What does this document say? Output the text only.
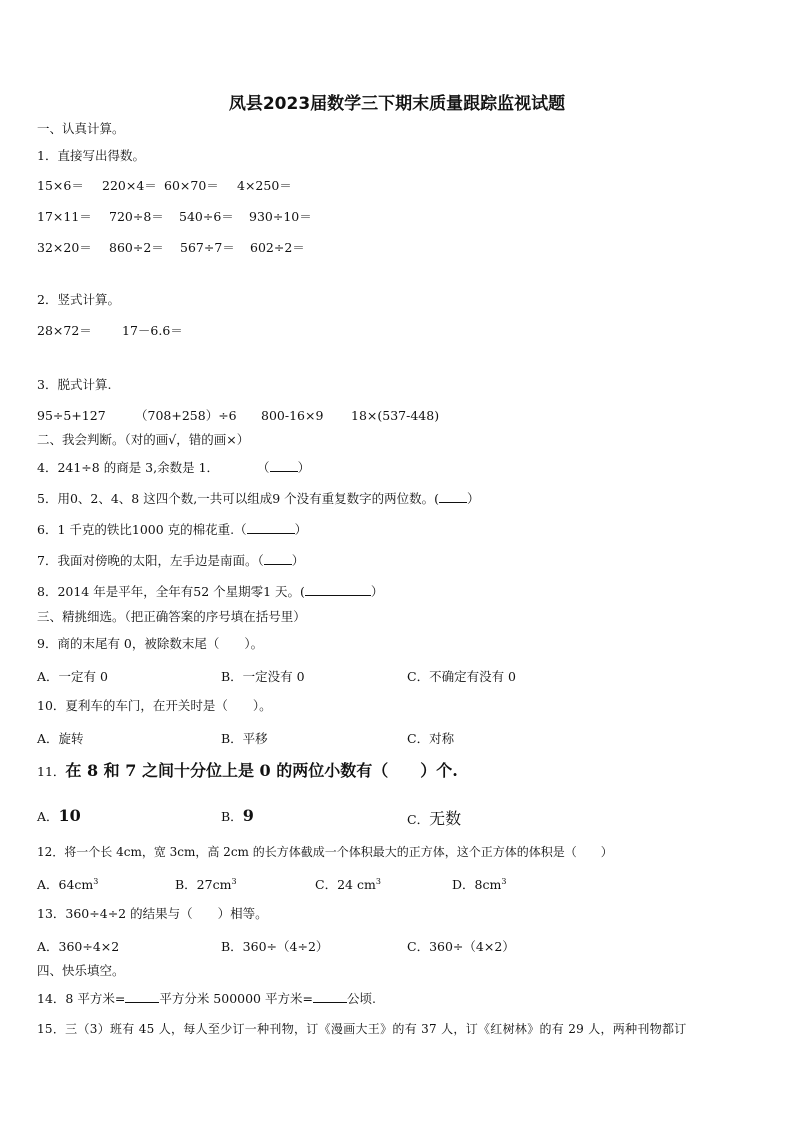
凤县2023届数学三下期末质量跟踪监视试题
一、认真计算。
1．直接写出得数。
15×6＝ 220×4＝ 60×70＝ 4×250＝
17×11＝ 720÷8＝ 540÷6＝ 930÷10＝
32×20＝ 860÷2＝ 567÷7＝ 602÷2＝
2．竖式计算。
28×72＝ 17－6.6＝
3．脱式计算.
95÷5+127 （708+258）÷6 800-16×9 18×(537-448)
二、我会判断。（对的画√，错的画×）
4．241÷8 的商是 3,余数是 1．	（ ）
5．用0、2、4、8 这四个数,一共可以组成9 个没有重复数字的两位数。( ）
6．1 千克的铁比1000 克的棉花重.（	）
7．我面对傍晚的太阳，左手边是南面。（ ）
8．2014 年是平年，全年有52 个星期零1 天。(	）
三、精挑细选。（把正确答案的序号填在括号里）
9．商的末尾有 0，被除数末尾（　　）。
A．一定有 0	B．一定没有 0	C．不确定有没有 0
10．夏利车的车门，在开关时是（　　）。
A．旋转	B．平移	C．对称
11．在 8 和 7 之间十分位上是 0 的两位小数有（　　）个.
A．10	B．9	C．无数
12．将一个长 4cm，宽 3cm，高 2cm 的长方体截成一个体积最大的正方体，这个正方体的体积是（　　）
A．$64cm^3$	B．$27cm^3$	C．24 $cm^3$	D．$8cm^3$
13．360÷4÷2 的结果与（　　）相等。
A．360÷4×2	B．360÷（4÷2）	C．360÷（4×2）
四、快乐填空。
14．8 平方米=	平方分米 500000 平方米=	公顷.
15．三（3）班有 45 人，每人至少订一种刊物，订《漫画大王》的有 37 人，订《红树林》的有 29 人，两种刊物都订
